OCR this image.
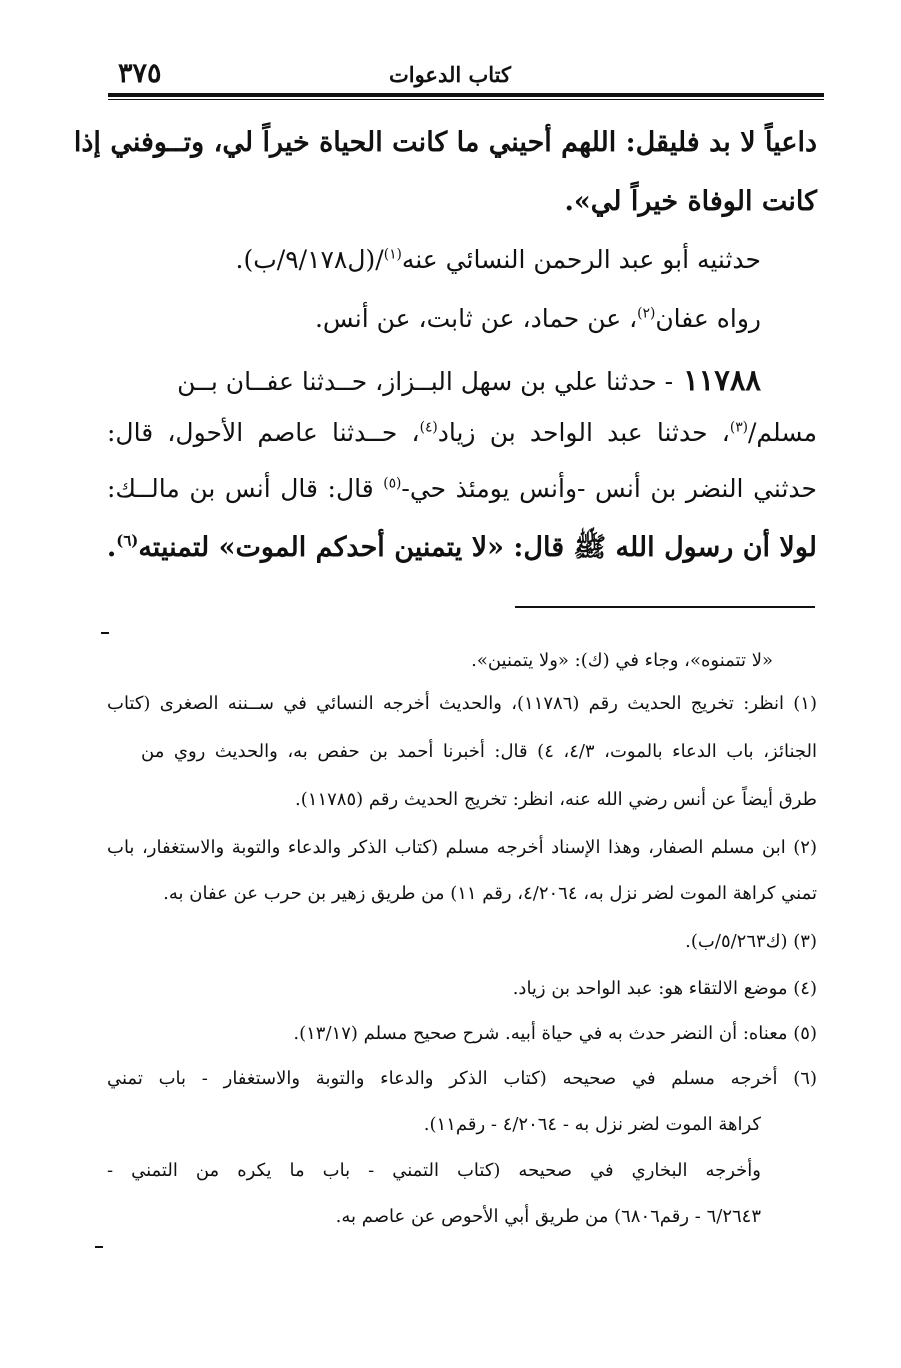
٣٧٥	كتاب الدعوات
داعياً لا بد فليقل: اللهم أحيني ما كانت الحياة خيراً لي، وتــوفني إذا
كانت الوفاة خيراً لي».
حدثنيه أبو عبد الرحمن النسائي عنه$^{(١)}$/(ل٩/١٧٨/ب).
رواه عفان$^{(٢)}$، عن حماد، عن ثابت، عن أنس.
١١٧٨٨
- حدثنا علي بن سهل البــزاز، حــدثنا عفــان بــن
مسلم/$^{(٣)}$، حدثنا عبد الواحد بن زياد$^{(٤)}$، حــدثنا عاصم الأحول، قال:
حدثني النضر بن أنس -وأنس يومئذ حي-$^{(٥)}$ قال: قال أنس بن مالــك:
لولا أن رسول الله ﷺ قال: «لا يتمنين أحدكم الموت» لتمنيته$^{(٦)}$.
«لا تتمنوه»، وجاء في (ك): «ولا يتمنين».
(١) انظر: تخريج الحديث رقم (١١٧٨٦)، والحديث أخرجه النسائي في ســننه الصغرى (كتاب
الجنائز، باب الدعاء بالموت، ٤/٣، ٤) قال: أخبرنا أحمد بن حفص به، والحديث روي من
طرق أيضاً عن أنس رضي الله عنه، انظر: تخريج الحديث رقم (١١٧٨٥).
(٢) ابن مسلم الصفار، وهذا الإسناد أخرجه مسلم (كتاب الذكر والدعاء والتوبة والاستغفار، باب
تمني كراهة الموت لضر نزل به، ٤/٢٠٦٤، رقم ١١) من طريق زهير بن حرب عن عفان به.
(٣) (ك٥/٢٦٣/ب).
(٤) موضع الالتقاء هو: عبد الواحد بن زياد.
(٥) معناه: أن النضر حدث به في حياة أبيه. شرح صحيح مسلم (١٣/١٧).
(٦) أخرجه مسلم في صحيحه (كتاب الذكر والدعاء والتوبة والاستغفار - باب تمني
كراهة الموت لضر نزل به - ٤/٢٠٦٤ - رقم١١).
وأخرجه البخاري في صحيحه (كتاب التمني - باب ما يكره من التمني -
٦/٢٦٤٣ - رقم٦٨٠٦) من طريق أبي الأحوص عن عاصم به.
